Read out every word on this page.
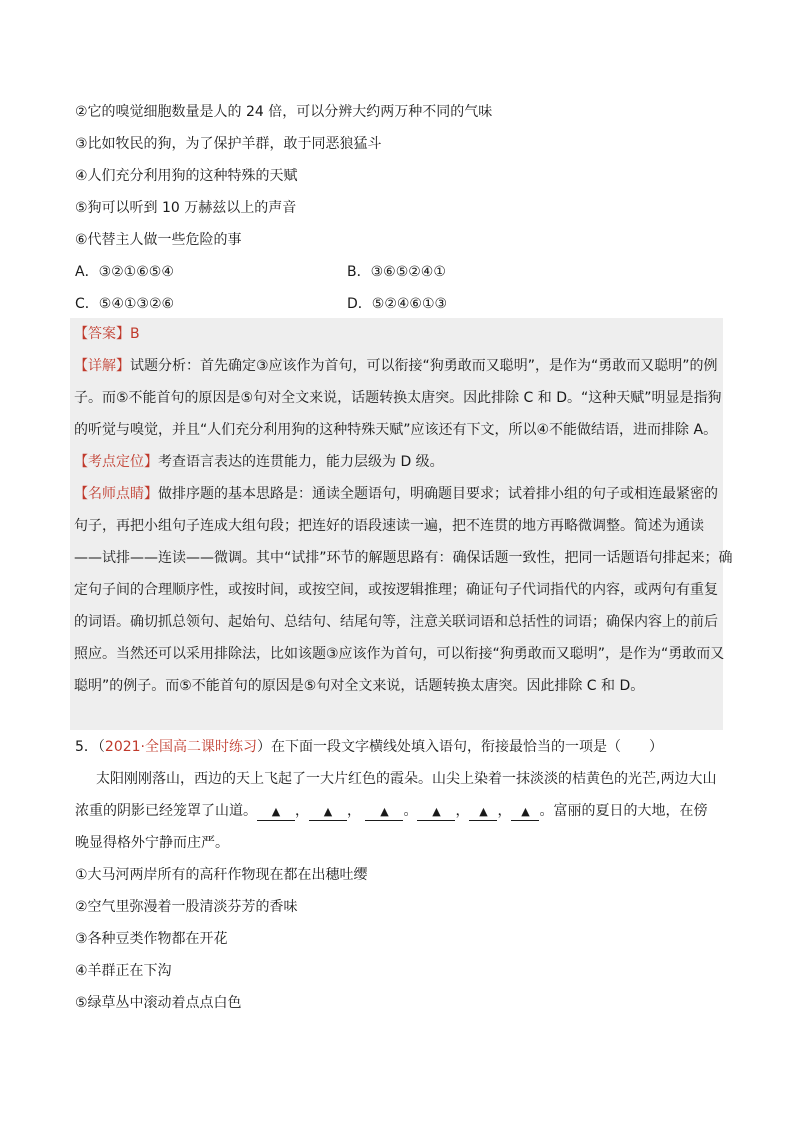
②它的嗅觉细胞数量是人的 24 倍，可以分辨大约两万种不同的气味
③比如牧民的狗，为了保护羊群，敢于同恶狼猛斗
④人们充分利用狗的这种特殊的天赋
⑤狗可以听到 10 万赫兹以上的声音
⑥代替主人做一些危险的事
A．③②①⑥⑤④	B．③⑥⑤②④①
C．⑤④①③②⑥	D．⑤②④⑥①③
【答案】B
【详解】试题分析：首先确定③应该作为首句，可以衔接“狗勇敢而又聪明”，是作为“勇敢而又聪明”的例
子。而⑤不能首句的原因是⑤句对全文来说，话题转换太唐突。因此排除 C 和 D。“这种天赋”明显是指狗
的听觉与嗅觉，并且“人们充分利用狗的这种特殊天赋”应该还有下文，所以④不能做结语，进而排除 A。
【考点定位】考查语言表达的连贯能力，能力层级为 D 级。
【名师点睛】做排序题的基本思路是：通读全题语句，明确题目要求；试着排小组的句子或相连最紧密的
句子，再把小组句子连成大组句段；把连好的语段速读一遍，把不连贯的地方再略微调整。简述为通读
——试排——连读——微调。其中“试排”环节的解题思路有：确保话题一致性，把同一话题语句排起来；确
定句子间的合理顺序性，或按时间，或按空间，或按逻辑推理；确证句子代词指代的内容，或两句有重复
的词语。确切抓总领句、起始句、总结句、结尾句等，注意关联词语和总括性的词语；确保内容上的前后
照应。当然还可以采用排除法，比如该题③应该作为首句，可以衔接“狗勇敢而又聪明”，是作为“勇敢而又
聪明”的例子。而⑤不能首句的原因是⑤句对全文来说，话题转换太唐突。因此排除 C 和 D。
5．（2021·全国高二课时练习）在下面一段文字横线处填入语句，衔接最恰当的一项是（　　）
太阳刚刚落山，西边的天上飞起了一大片红色的霞朵。山尖上染着一抹淡淡的桔黄色的光芒,两边大山
浓重的阴影已经笼罩了山道。 ▲ ， ▲ ， ▲ 。 ▲ ， ▲ ， ▲ 。富丽的夏日的大地，在傍
晚显得格外宁静而庄严。
①大马河两岸所有的高秆作物现在都在出穗吐缨
②空气里弥漫着一股清淡芬芳的香味
③各种豆类作物都在开花
④羊群正在下沟
⑤绿草丛中滚动着点点白色
